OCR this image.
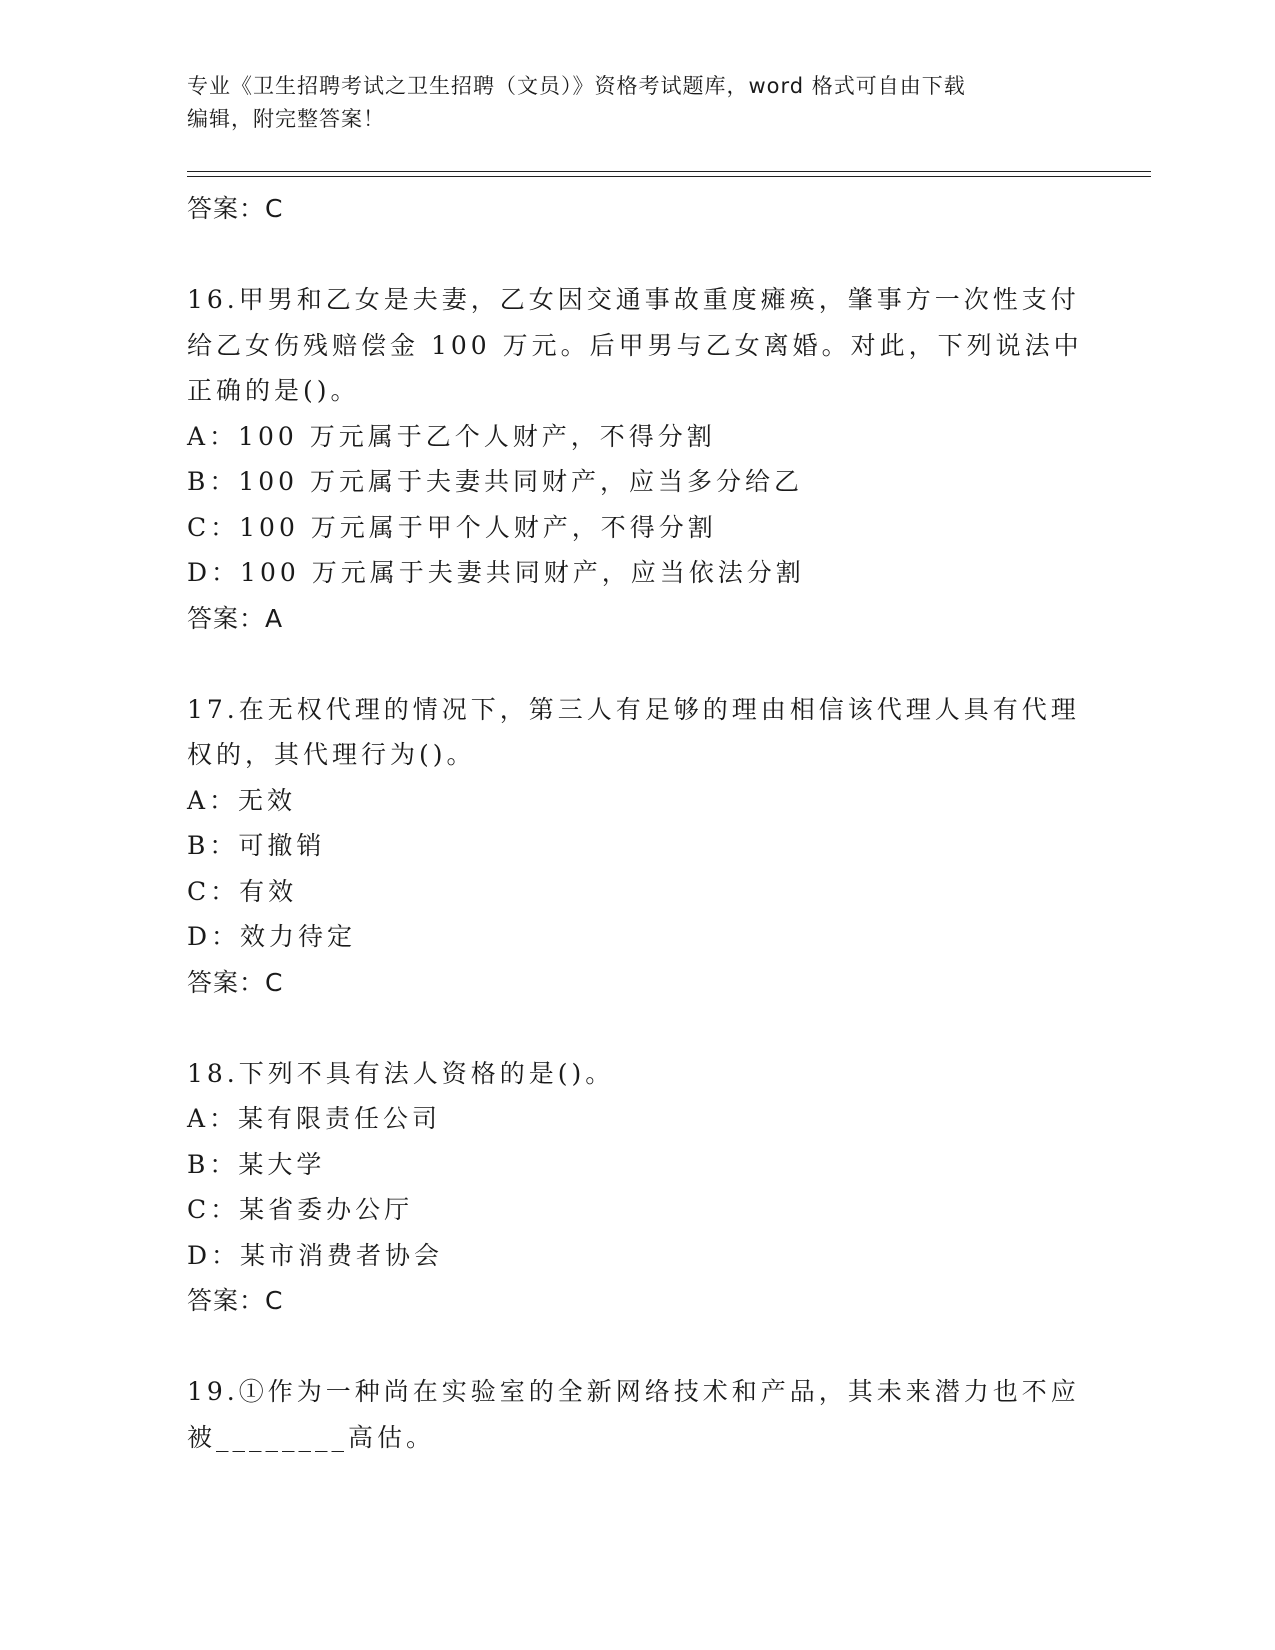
专业《卫生招聘考试之卫生招聘（文员）》资格考试题库，word 格式可自由下载
编辑，附完整答案！
答案：C
16.甲男和乙女是夫妻，乙女因交通事故重度瘫痪，肇事方一次性支付
给乙女伤残赔偿金 100 万元。后甲男与乙女离婚。对此，下列说法中
正确的是()。
A：100 万元属于乙个人财产，不得分割
B：100 万元属于夫妻共同财产，应当多分给乙
C：100 万元属于甲个人财产，不得分割
D：100 万元属于夫妻共同财产，应当依法分割
答案：A
17.在无权代理的情况下，第三人有足够的理由相信该代理人具有代理
权的，其代理行为()。
A：无效
B：可撤销
C：有效
D：效力待定
答案：C
18.下列不具有法人资格的是()。
A：某有限责任公司
B：某大学
C：某省委办公厅
D：某市消费者协会
答案：C
19.①作为一种尚在实验室的全新网络技术和产品，其未来潜力也不应
被________高估。
